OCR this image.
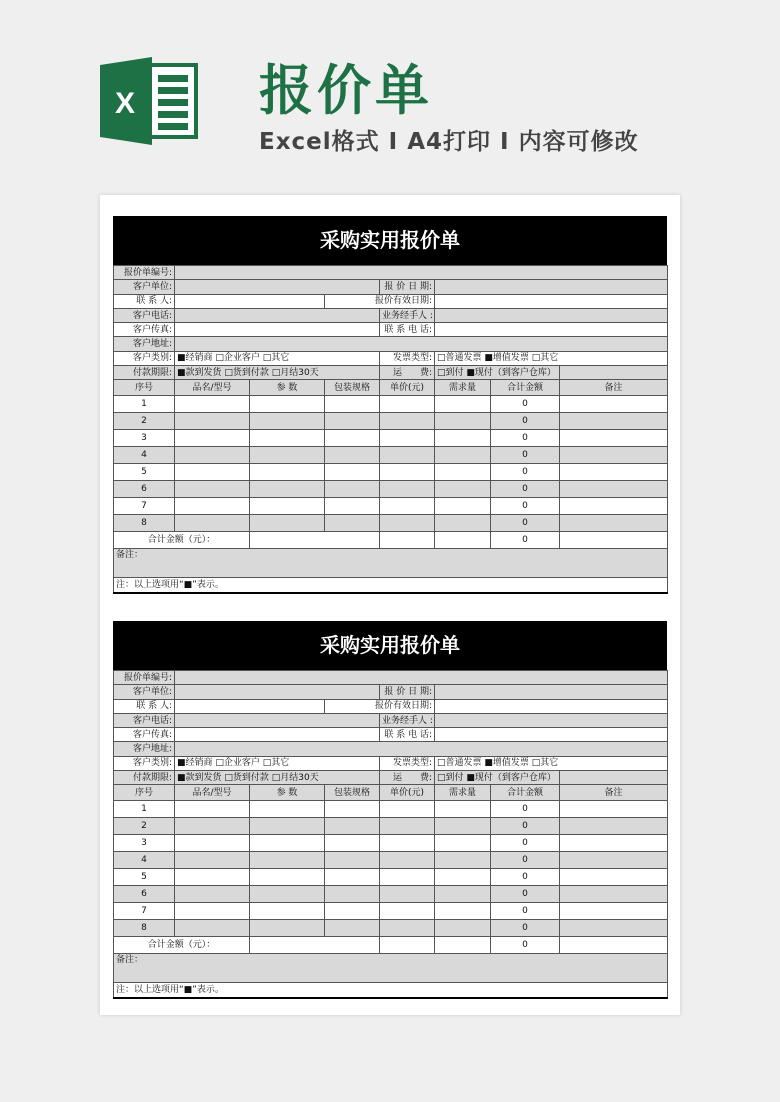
X 报价单
Excel格式 I A4打印 I 内容可修改
采购实用报价单
报价单编号:							
客户单位:				报 价 日 期:			
联 系 人:			报价有效日期:				
客户电话:				业务经手人 :			
客户传真:				联 系 电 话:			
客户地址:							
客户类别:	■经销商 □企业客户 □其它			发票类型:	□普通发票 ■增值发票 □其它		
付款期限:	■款到发货 □货到付款 □月结30天			运　　费:	□到付 ■现付（到客户仓库）		
序号	品名/型号	参 数	包装规格	单价(元)	需求量	合计金额	备注
1						0	
2						0	
3						0	
4						0	
5						0	
6						0	
7						0	
8						0	
合计金额（元）：						0	
备注：							
注：以上选项用“■”表示。							
采购实用报价单
报价单编号:							
客户单位:				报 价 日 期:			
联 系 人:			报价有效日期:				
客户电话:				业务经手人 :			
客户传真:				联 系 电 话:			
客户地址:							
客户类别:	■经销商 □企业客户 □其它			发票类型:	□普通发票 ■增值发票 □其它		
付款期限:	■款到发货 □货到付款 □月结30天			运　　费:	□到付 ■现付（到客户仓库）		
序号	品名/型号	参 数	包装规格	单价(元)	需求量	合计金额	备注
1						0	
2						0	
3						0	
4						0	
5						0	
6						0	
7						0	
8						0	
合计金额（元）：						0	
备注：							
注：以上选项用“■”表示。							
